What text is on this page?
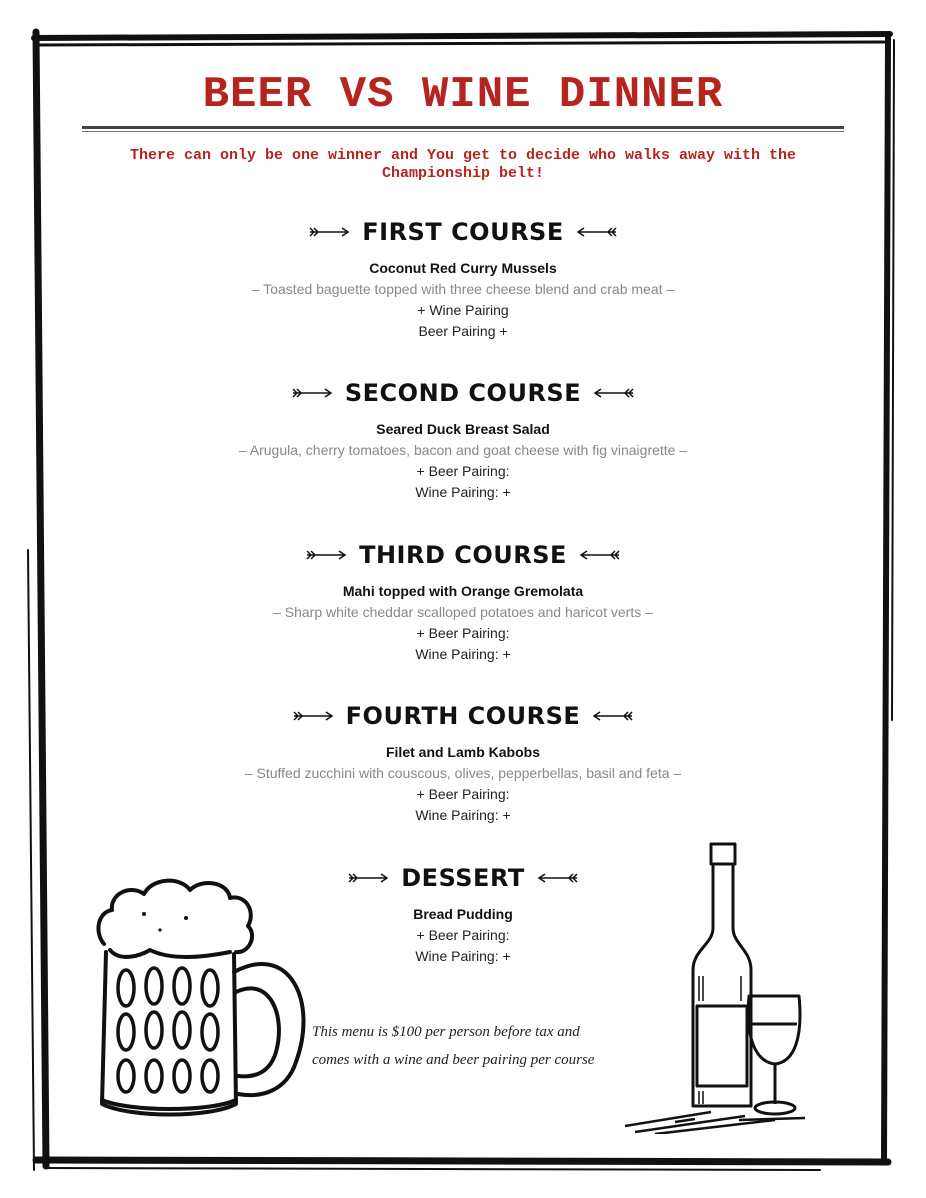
BEER VS WINE DINNER
There can only be one winner and You get to decide who walks away with the Championship belt!
FIRST COURSE
Coconut Red Curry Mussels
– Toasted baguette topped with three cheese blend and crab meat –
+ Wine Pairing
Beer Pairing +
SECOND COURSE
Seared Duck Breast Salad
– Arugula, cherry tomatoes, bacon and goat cheese with fig vinaigrette –
+ Beer Pairing:
Wine Pairing: +
THIRD COURSE
Mahi topped with Orange Gremolata
– Sharp white cheddar scalloped potatoes and haricot verts –
+ Beer Pairing:
Wine Pairing: +
FOURTH COURSE
Filet and Lamb Kabobs
– Stuffed zucchini with couscous, olives, pepperbellas, basil and feta –
+ Beer Pairing:
Wine Pairing: +
DESSERT
Bread Pudding
+ Beer Pairing:
Wine Pairing: +
This menu is $100 per person before tax and
comes with a wine and beer pairing per course
